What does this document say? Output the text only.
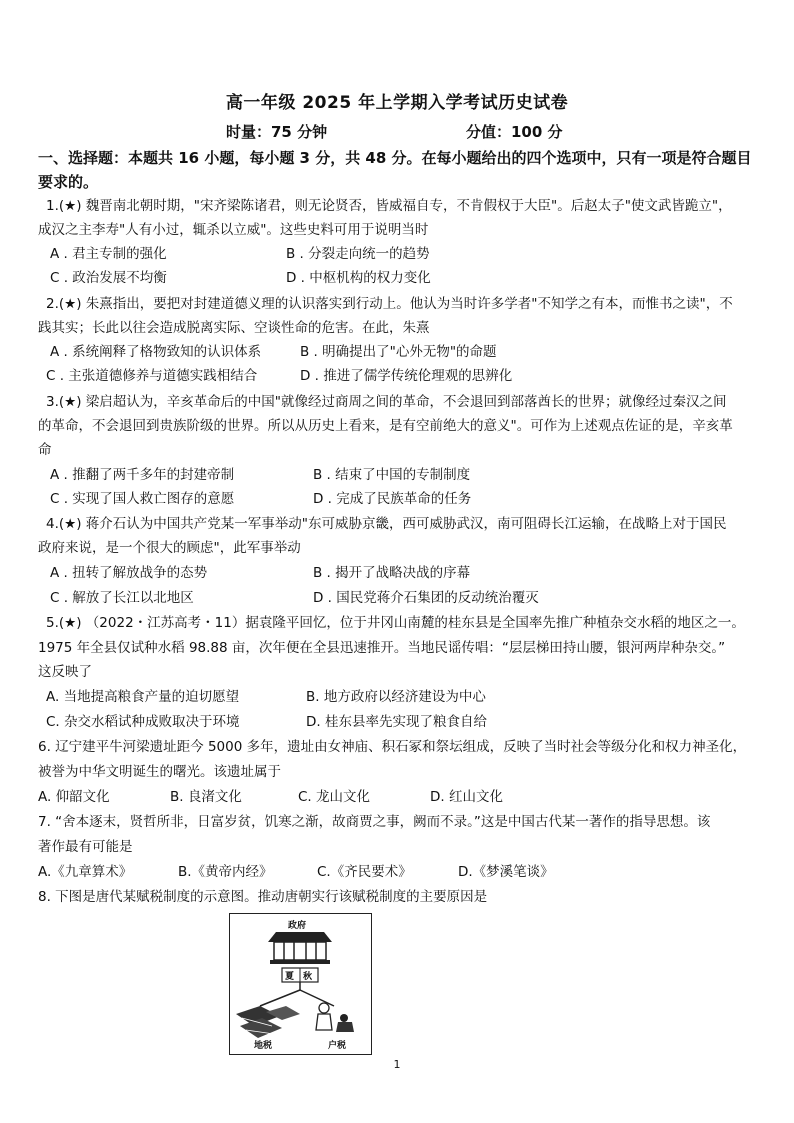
高一年级 2025 年上学期入学考试历史试卷
时量：75 分钟	分值：100 分
一、选择题：本题共 16 小题，每小题 3 分，共 48 分。在每小题给出的四个选项中，只有一项是符合题目要求的。
1.(★) 魏晋南北朝时期，"宋齐梁陈诸君，则无论贤否，皆威福自专，不肯假权于大臣"。后赵太子"使文武皆跪立"，
成汉之主李寿"人有小过，辄杀以立威"。这些史料可用于说明当时
A . 君主专制的强化	B . 分裂走向统一的趋势
C . 政治发展不均衡	D . 中枢机构的权力变化
2.(★) 朱熹指出，要把对封建道德义理的认识落实到行动上。他认为当时许多学者"不知学之有本，而惟书之读"，不
践其实；长此以往会造成脱离实际、空谈性命的危害。在此，朱熹
A . 系统阐释了格物致知的认识体系	B . 明确提出了"心外无物"的命题
C . 主张道德修养与道德实践相结合	D . 推进了儒学传统伦理观的思辨化
3.(★) 梁启超认为，辛亥革命后的中国"就像经过商周之间的革命，不会退回到部落酋长的世界；就像经过秦汉之间
的革命，不会退回到贵族阶级的世界。所以从历史上看来，是有空前绝大的意义"。可作为上述观点佐证的是，辛亥革
命
A . 推翻了两千多年的封建帝制	B . 结束了中国的专制制度
C . 实现了国人救亡图存的意愿	D . 完成了民族革命的任务
4.(★) 蒋介石认为中国共产党某一军事举动"东可威胁京畿，西可威胁武汉，南可阻碍长江运输，在战略上对于国民
政府来说，是一个很大的顾虑"，此军事举动
A . 扭转了解放战争的态势	B . 揭开了战略决战的序幕
C . 解放了长江以北地区	D . 国民党蒋介石集团的反动统治覆灭
5.(★) （2022・江苏高考・11）据袁隆平回忆，位于井冈山南麓的桂东县是全国率先推广种植杂交水稻的地区之一。
1975 年全县仅试种水稻 98.88 亩，次年便在全县迅速推开。当地民谣传唱：“层层梯田持山腰，银河两岸种杂交。”
这反映了
A. 当地提高粮食产量的迫切愿望	B. 地方政府以经济建设为中心
C. 杂交水稻试种成败取决于环境	D. 桂东县率先实现了粮食自给
6. 辽宁建平牛河梁遗址距今 5000 多年，遗址由女神庙、积石冢和祭坛组成，反映了当时社会等级分化和权力神圣化，
被誉为中华文明诞生的曙光。该遗址属于
A. 仰韶文化	B. 良渚文化	C. 龙山文化	D. 红山文化
7. “舍本逐末，贤哲所非，日富岁贫，饥寒之渐，故商贾之事，阙而不录。”这是中国古代某一著作的指导思想。该
著作最有可能是
A.《九章算术》	B.《黄帝内经》	C.《齐民要术》	D.《梦溪笔谈》
8. 下图是唐代某赋税制度的示意图。推动唐朝实行该赋税制度的主要原因是
政府
夏 秋
地税	户税
1
